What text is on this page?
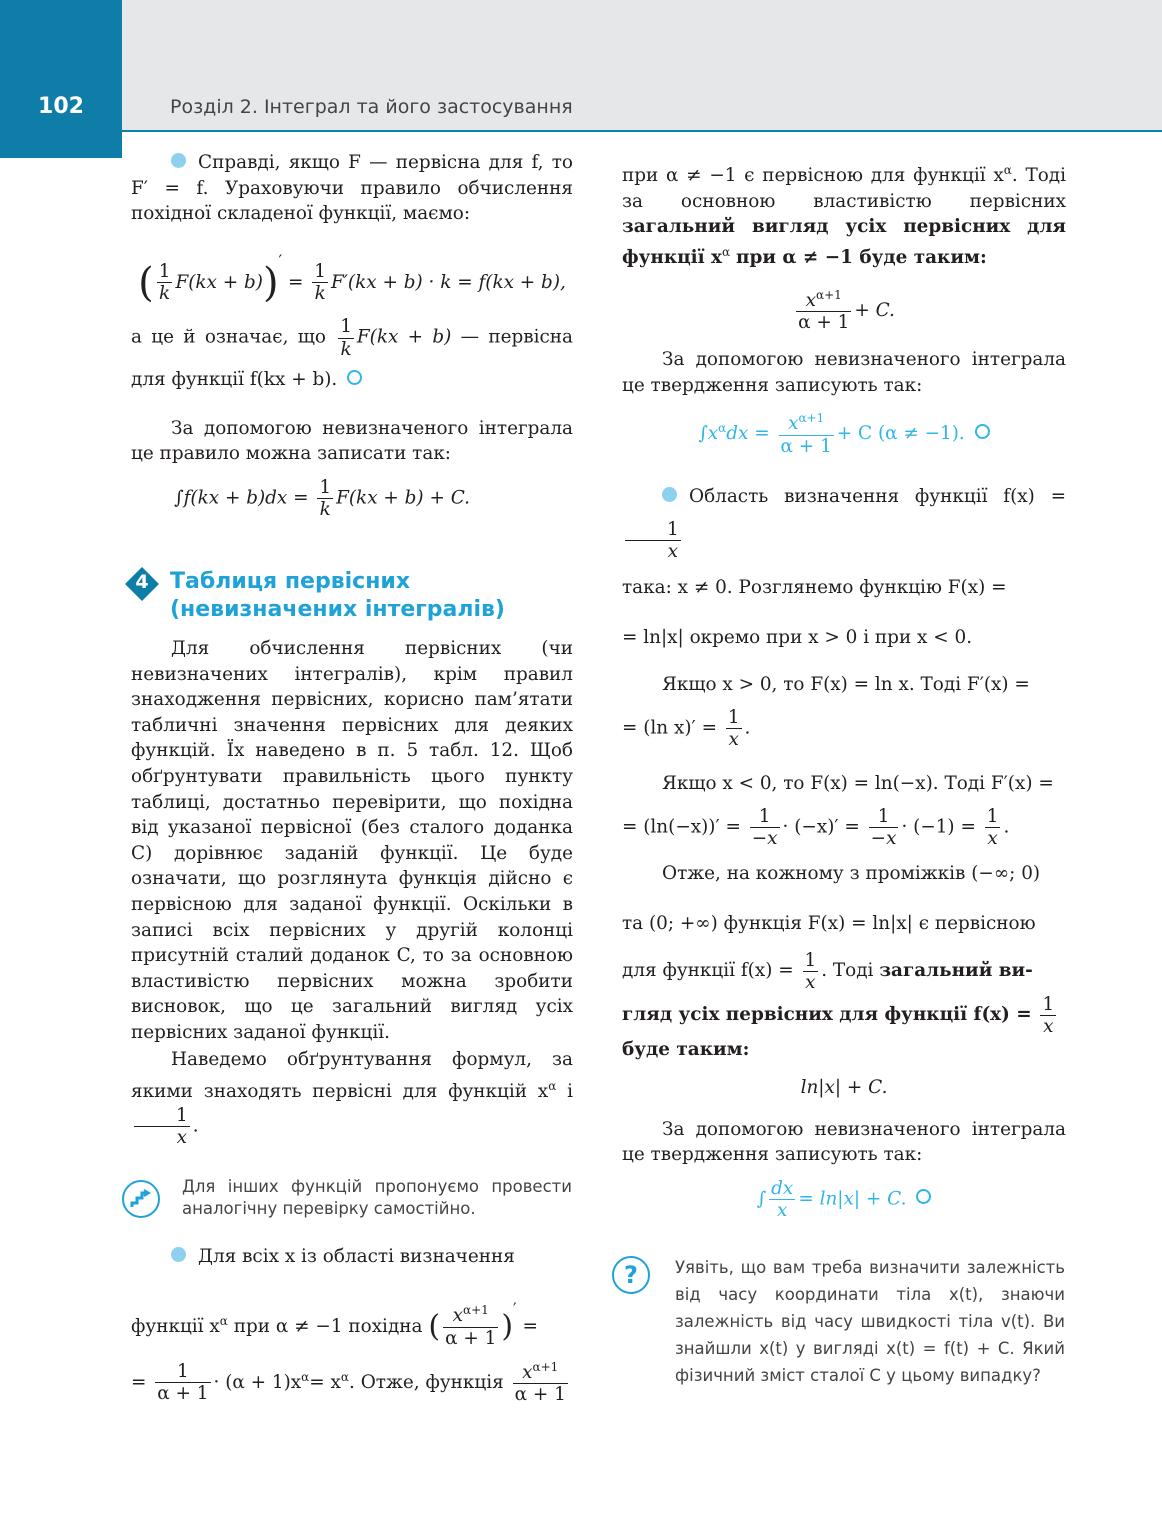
102	Розділ 2. Інтеграл та його застосування

Справді, якщо F — первісна для f, то F′ = f. Ураховуючи правило обчислення похідної складеної функції, маємо:

( $\frac{1}{k} F(kx + b))' = \frac{1}{k} F'(kx + b) \cdot k = f(kx + b)$,

а це й означає, що $\frac{1}{k} F(kx + b)$ — первісна для функції f(kx + b).

За допомогою невизначеного інтеграла це правило можна записати так:

$\int f(kx + b)dx = \frac{1}{k} F(kx + b) + C$.

4 Таблиця первісних
(невизначених інтегралів)

Для обчислення первісних (чи невизначених інтегралів), крім правил знаходження первісних, корисно пам’ятати табличні значення первісних для деяких функцій. Їх наведено в п. 5 табл. 12. Щоб обґрунтувати правильність цього пункту таблиці, достатньо перевірити, що похідна від указаної первісної (без сталого доданка C) дорівнює заданій функції. Це буде означати, що розглянута функція дійсно є первісною для заданої функції. Оскільки в записі всіх первісних у другій колонці присутній сталий доданок C, то за основною властивістю первісних можна зробити висновок, що це загальний вигляд усіх первісних заданої функції.

Наведемо обґрунтування формул, за якими знаходять первісні для функцій $x^\alpha$ і
$\frac{1}{x}$ .

Для інших функцій пропонуємо провести аналогічну перевірку самостійно.

Для всіх x із області визначення

функції $x^\alpha$ при α ≠ −1 похідна ( $\frac{x^{\alpha+1}}{\alpha + 1} )'$ =

= $\frac{1}{\alpha + 1} \cdot (\alpha + 1)x^\alpha= x^\alpha$. Отже, функція $\frac{x^{\alpha+1}}{\alpha + 1}$

при α ≠ −1 є первісною для функції $x^\alpha$. Тоді за основною властивістю первісних загальний вигляд усіх первісних для функції $x^\alpha$ при α ≠ −1 буде таким:

$\frac{x^{\alpha+1}}{\alpha + 1} + C$.

За допомогою невизначеного інтеграла це твердження записують так:

$\int x^\alpha dx = \frac{x^{\alpha+1}}{\alpha + 1} + C$ (α ≠ −1).

Область визначення функції f(x) =
$\frac{1}{x}$

така: x ≠ 0. Розглянемо функцію F(x) =

= ln|x| окремо при x > 0 і при x < 0.

Якщо x > 0, то F(x) = ln x. Тоді F′(x) =

= (ln $x)' = \frac{1}{x}$ .

Якщо x < 0, то F(x) = ln(−x). Тоді F′(x) =

= $(\ln(-x))' = \frac{1}{-x} \cdot (-x)' = \frac{1}{-x} \cdot (-1) = \frac{1}{x}$ .

Отже, на кожному з проміжків (−∞; 0)

та (0; +∞) функція F(x) = ln|x| є первісною

для функції $f(x) = \frac{1}{x}$ . Тоді загальний ви-

гляд усіх первісних для функції $f(x) = \frac{1}{x}$

буде таким:

ln|x| + C.

За допомогою невизначеного інтеграла це твердження записують так:

∫ $\frac{dx}{x} = \ln|x| + C$.

?	Уявіть, що вам треба визначити залежність від часу координати тіла x(t), знаючи залежність від часу швидкості тіла v(t). Ви знайшли x(t) у вигляді x(t) = f(t) + C. Який фізичний зміст сталої C у цьому випадку?
